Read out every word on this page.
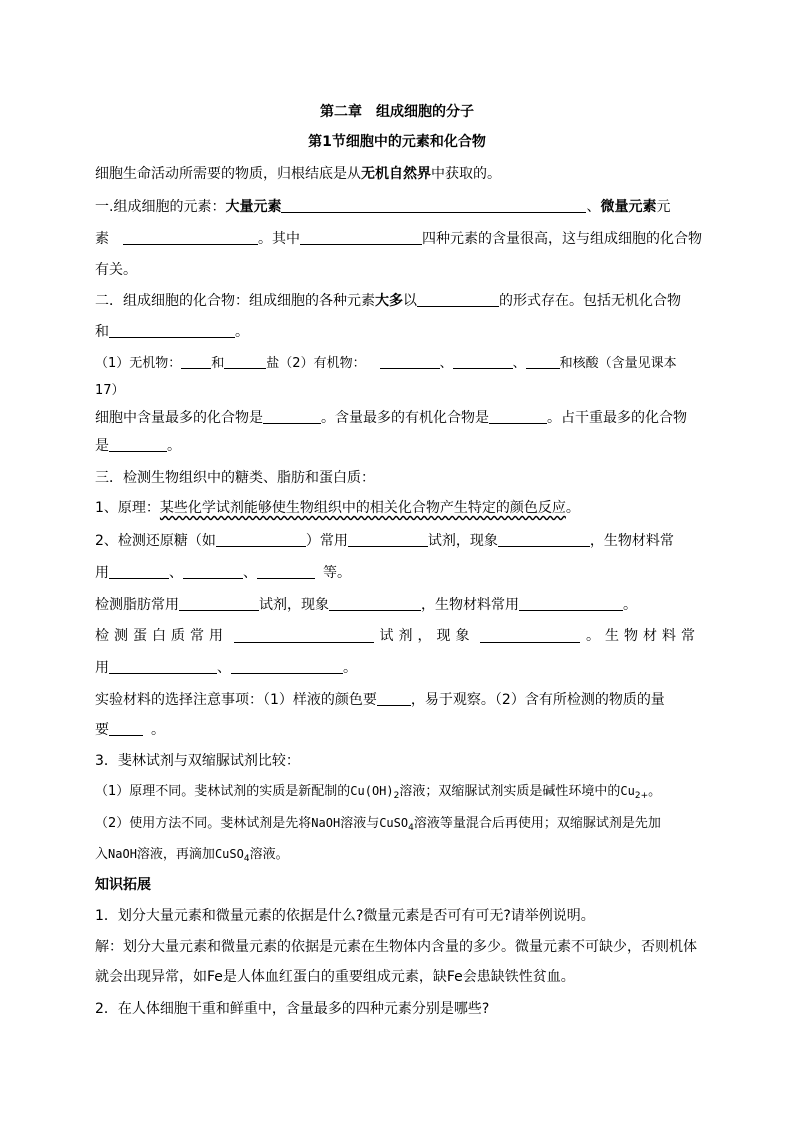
第二章 组成细胞的分子
第1节细胞中的元素和化合物
细胞生命活动所需要的物质，归根结底是从无机自然界中获取的。
一.组成细胞的元素：大量元素	、微量元素元
素	。其中	四种元素的含量很高，这与组成细胞的化合物
有关。
二．组成细胞的化合物：组成细胞的各种元素大多以	的形式存在。包括无机化合物
和	。
（1）无机物： 和	盐（2）有机物：	、	、	和核酸（含量见课本
17）
细胞中含量最多的化合物是	。含量最多的有机化合物是	。占干重最多的化合物
是	。
三．检测生物组织中的糖类、脂肪和蛋白质：
1、原理：某些化学试剂能够使生物组织中的相关化合物产生特定的颜色反应。
2、检测还原糖（如	）常用	试剂，现象	，生物材料常
用	、	、	等。
检测脂肪常用	试剂，现象	，生物材料常用	。
检测蛋白质常用	试剂，现象	。生物材料常
用	、	。
实验材料的选择注意事项：（1）样液的颜色要 ，易于观察。（2）含有所检测的物质的量
要	。
3．斐林试剂与双缩脲试剂比较：
（1）原理不同。斐林试剂的实质是新配制的$Cu(OH)_2$溶液；双缩脲试剂实质是碱性环境中的$Cu_{2+}$。
（2）使用方法不同。斐林试剂是先将NaOH溶液与CuSO$_4$溶液等量混合后再使用；双缩脲试剂是先加
入NaOH溶液，再滴加CuSO$_4$溶液。
知识拓展
1．划分大量元素和微量元素的依据是什么?微量元素是否可有可无?请举例说明。
解：划分大量元素和微量元素的依据是元素在生物体内含量的多少。微量元素不可缺少，否则机体
就会出现异常，如Fe是人体血红蛋白的重要组成元素，缺Fe会患缺铁性贫血。
2．在人体细胞干重和鲜重中，含量最多的四种元素分别是哪些?
